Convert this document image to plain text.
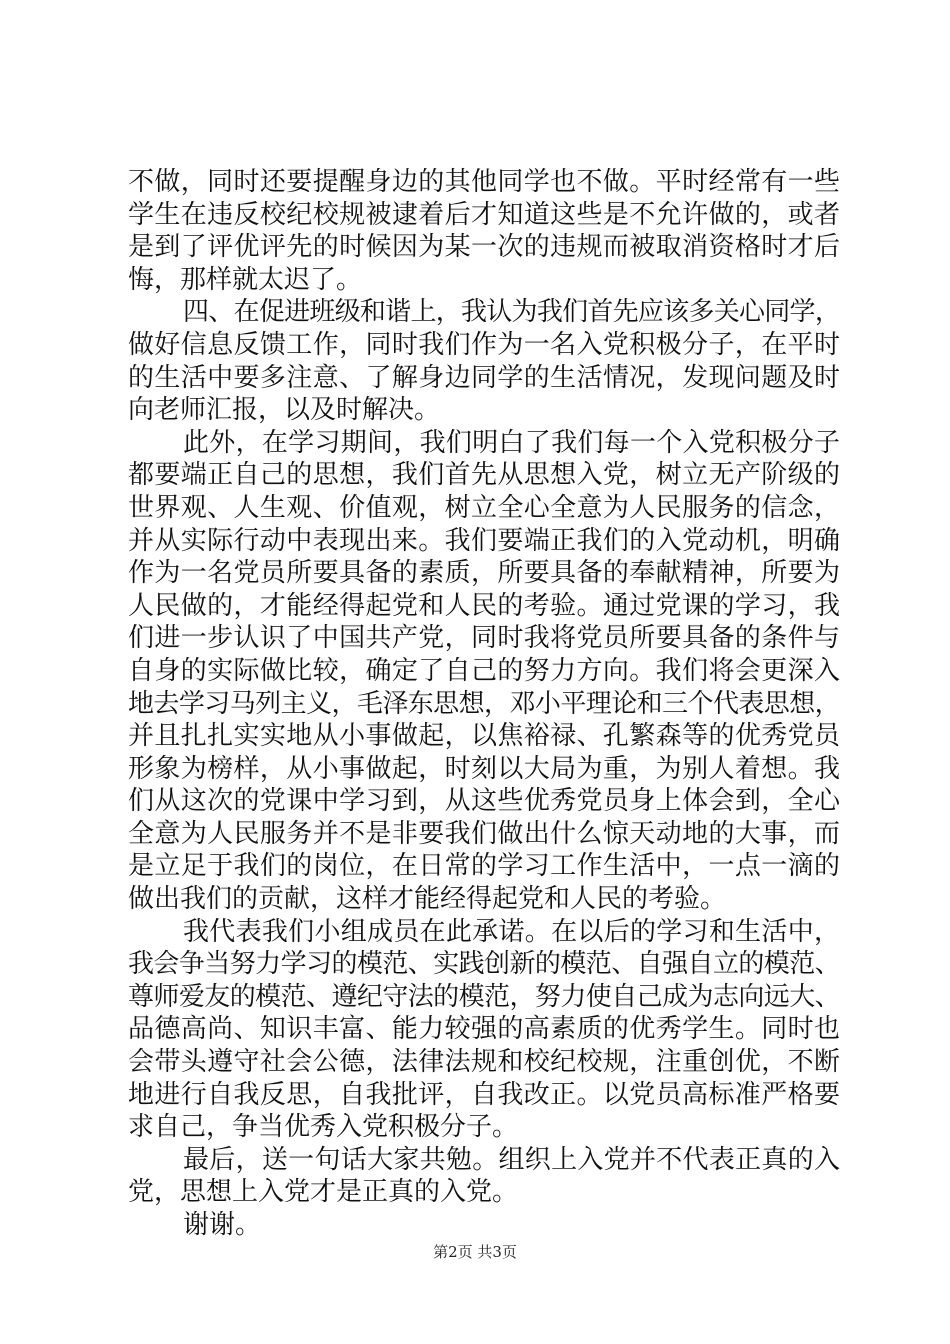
不做，同时还要提醒身边的其他同学也不做。平时经常有一些
学生在违反校纪校规被逮着后才知道这些是不允许做的，或者
是到了评优评先的时候因为某一次的违规而被取消资格时才后
悔，那样就太迟了。
四、在促进班级和谐上，我认为我们首先应该多关心同学，
做好信息反馈工作，同时我们作为一名入党积极分子，在平时
的生活中要多注意、了解身边同学的生活情况，发现问题及时
向老师汇报，以及时解决。
此外，在学习期间，我们明白了我们每一个入党积极分子
都要端正自己的思想，我们首先从思想入党，树立无产阶级的
世界观、人生观、价值观，树立全心全意为人民服务的信念，
并从实际行动中表现出来。我们要端正我们的入党动机，明确
作为一名党员所要具备的素质，所要具备的奉献精神，所要为
人民做的，才能经得起党和人民的考验。通过党课的学习，我
们进一步认识了中国共产党，同时我将党员所要具备的条件与
自身的实际做比较，确定了自己的努力方向。我们将会更深入
地去学习马列主义，毛泽东思想，邓小平理论和三个代表思想，
并且扎扎实实地从小事做起，以焦裕禄、孔繁森等的优秀党员
形象为榜样，从小事做起，时刻以大局为重，为别人着想。我
们从这次的党课中学习到，从这些优秀党员身上体会到，全心
全意为人民服务并不是非要我们做出什么惊天动地的大事，而
是立足于我们的岗位，在日常的学习工作生活中，一点一滴的
做出我们的贡献，这样才能经得起党和人民的考验。
我代表我们小组成员在此承诺。在以后的学习和生活中，
我会争当努力学习的模范、实践创新的模范、自强自立的模范、
尊师爱友的模范、遵纪守法的模范，努力使自己成为志向远大、
品德高尚、知识丰富、能力较强的高素质的优秀学生。同时也
会带头遵守社会公德，法律法规和校纪校规，注重创优，不断
地进行自我反思，自我批评，自我改正。以党员高标准严格要
求自己，争当优秀入党积极分子。
最后，送一句话大家共勉。组织上入党并不代表正真的入
党，思想上入党才是正真的入党。
谢谢。
第2页 共3页
